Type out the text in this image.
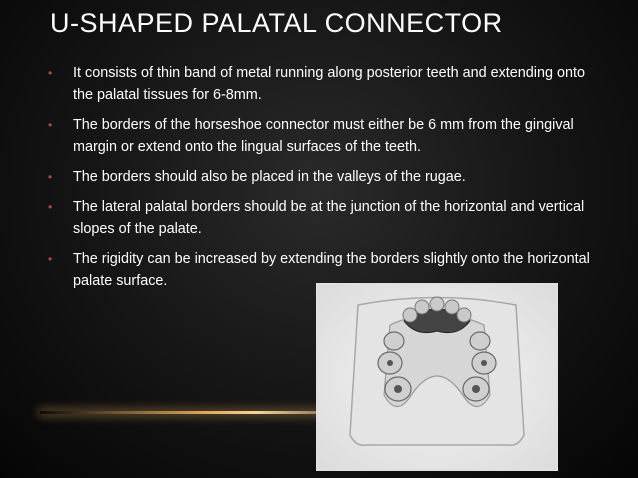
U-SHAPED PALATAL CONNECTOR
• It consists of thin band of metal running along posterior teeth and extending onto the palatal tissues for 6-8mm.
• The borders of the horseshoe connector must either be 6 mm from the gingival margin or extend onto the lingual surfaces of the teeth.
• The borders should also be placed in the valleys of the rugae.
• The lateral palatal borders should be at the junction of the horizontal and vertical slopes of the palate.
• The rigidity can be increased by extending the borders slightly onto the horizontal palate surface.
